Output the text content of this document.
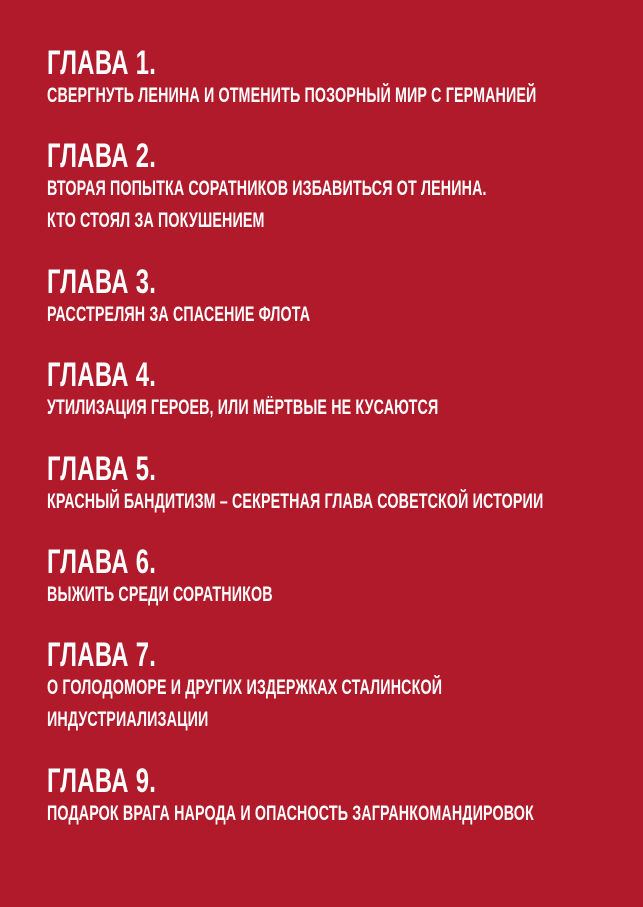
ГЛАВА 1.
СВЕРГНУТЬ ЛЕНИНА И ОТМЕНИТЬ ПОЗОРНЫЙ МИР С ГЕРМАНИЕЙ
ГЛАВА 2.
ВТОРАЯ ПОПЫТКА СОРАТНИКОВ ИЗБАВИТЬСЯ ОТ ЛЕНИНА.
КТО СТОЯЛ ЗА ПОКУШЕНИЕМ
ГЛАВА 3.
РАССТРЕЛЯН ЗА СПАСЕНИЕ ФЛОТА
ГЛАВА 4.
УТИЛИЗАЦИЯ ГЕРОЕВ, ИЛИ МЁРТВЫЕ НЕ КУСАЮТСЯ
ГЛАВА 5.
КРАСНЫЙ БАНДИТИЗМ – СЕКРЕТНАЯ ГЛАВА СОВЕТСКОЙ ИСТОРИИ
ГЛАВА 6.
ВЫЖИТЬ СРЕДИ СОРАТНИКОВ
ГЛАВА 7.
О ГОЛОДОМОРЕ И ДРУГИХ ИЗДЕРЖКАХ СТАЛИНСКОЙ
ИНДУСТРИАЛИЗАЦИИ
ГЛАВА 9.
ПОДАРОК ВРАГА НАРОДА И ОПАСНОСТЬ ЗАГРАНКОМАНДИРОВОК
